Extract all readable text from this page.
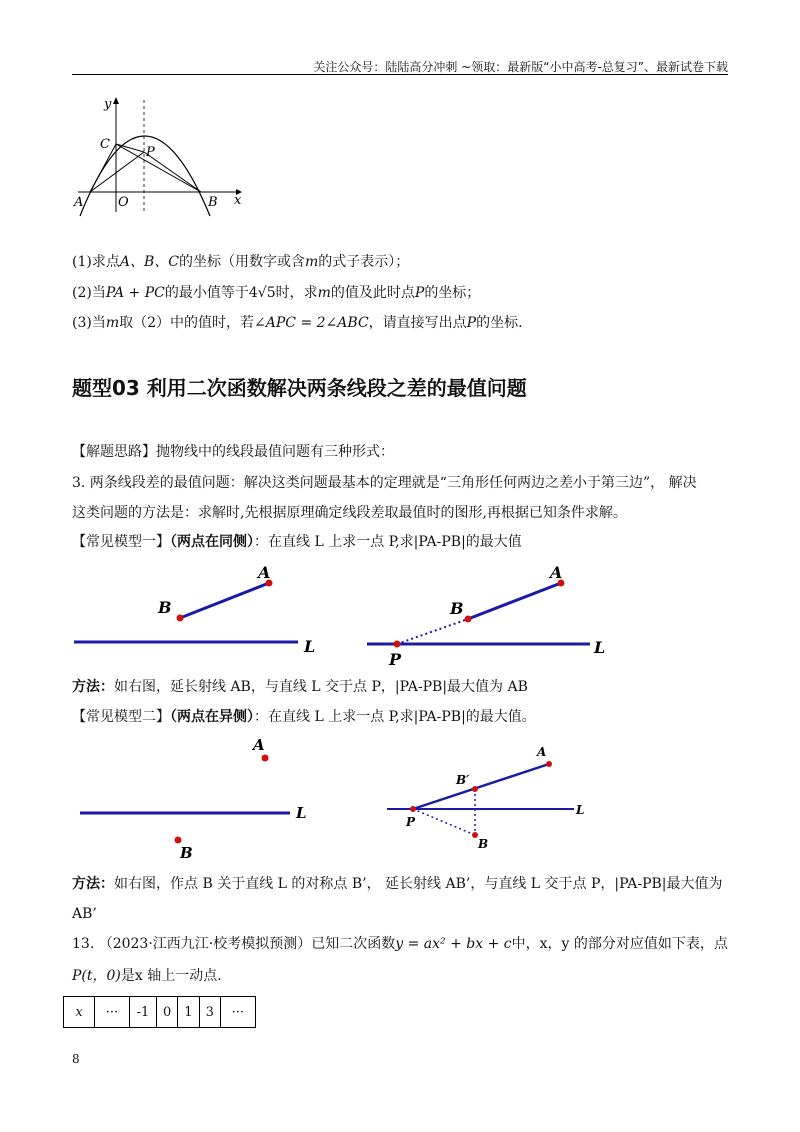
关注公众号：陆陆高分冲刺 ~领取：最新版“小中高考-总复习”、最新试卷下载
y
x
O
A	B
C
P
(1)求点A、B、C的坐标（用数字或含m的式子表示）；
(2)当PA + PC的最小值等于4√5时，求m的值及此时点P的坐标；
(3)当m取（2）中的值时，若∠APC = 2∠ABC，请直接写出点P的坐标.
题型03 利用二次函数解决两条线段之差的最值问题
【解题思路】抛物线中的线段最值问题有三种形式：
3. 两条线段差的最值问题：解决这类问题最基本的定理就是“三角形任何两边之差小于第三边”， 解决
这类问题的方法是：求解时,先根据原理确定线段差取最值时的图形,再根据已知条件求解。
【常见模型一】（两点在同侧）：在直线 L 上求一点 P,求|PA-PB|的最大值
A
B
L
A
B
L
P
方法：如右图，延长射线 AB，与直线 L 交于点 P，|PA-PB|最大值为 AB
【常见模型二】（两点在异侧）：在直线 L 上求一点 P,求|PA-PB|的最大值。
A
L
B
A
B′
L
P
B
方法：如右图，作点 B 关于直线 L 的对称点 B’， 延长射线 AB’，与直线 L 交于点 P，|PA-PB|最大值为
AB’
13. （2023·江西九江·校考模拟预测）已知二次函数y = ax² + bx + c中，x，y 的部分对应值如下表，点
P(t，0)是x 轴上一动点.
x	···	-1	0	1	3	···
8
